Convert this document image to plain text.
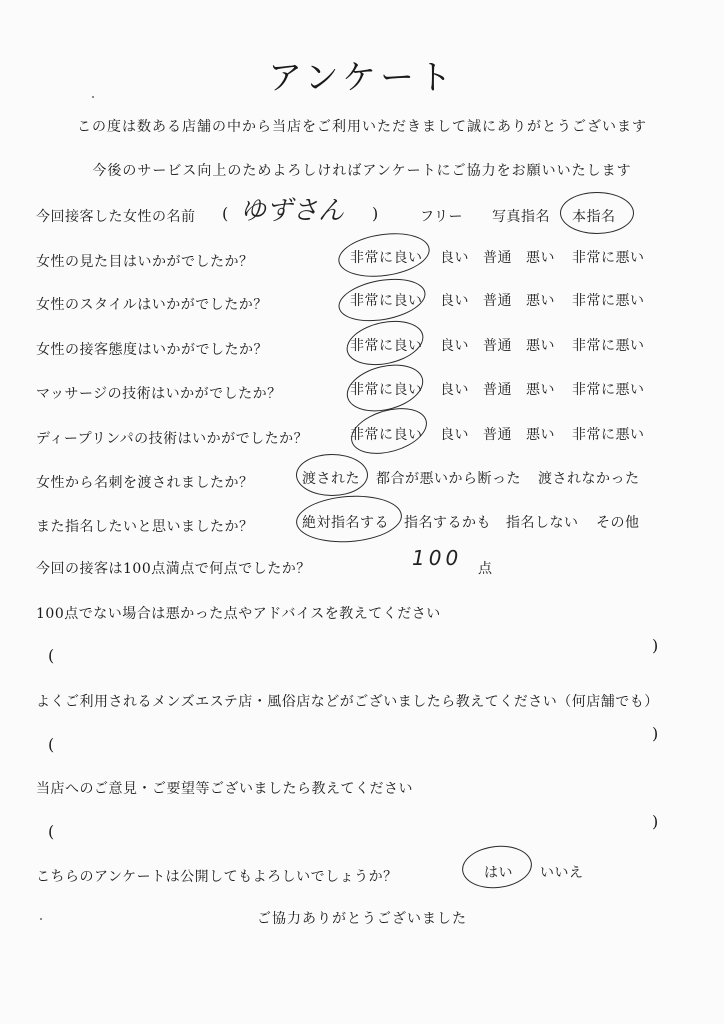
アンケート
この度は数ある店舗の中から当店をご利用いただきまして誠にありがとうございます
今後のサービス向上のためよろしければアンケートにご協力をお願いいたします
今回接客した女性の名前 ( ゆずさん )	フリー 写真指名 本指名
女性の見た目はいかがでしたか？	非常に良い 良い 普通 悪い 非常に悪い
女性のスタイルはいかがでしたか？	非常に良い 良い 普通 悪い 非常に悪い
女性の接客態度はいかがでしたか？	非常に良い 良い 普通 悪い 非常に悪い
マッサージの技術はいかがでしたか？	非常に良い 良い 普通 悪い 非常に悪い
ディープリンパの技術はいかがでしたか？	非常に良い 良い 普通 悪い 非常に悪い
女性から名刺を渡されましたか？	渡された 都合が悪いから断った 渡されなかった
また指名したいと思いましたか？	絶対指名する 指名するかも 指名しない その他
今回の接客は100点満点で何点でしたか？	100 点
100点でない場合は悪かった点やアドバイスを教えてください
(
)
よくご利用されるメンズエステ店・風俗店などがございましたら教えてください（何店舗でも）
(
)
当店へのご意見・ご要望等ございましたら教えてください
(
)
こちらのアンケートは公開してもよろしいでしょうか？	はい いいえ
ご協力ありがとうございました
